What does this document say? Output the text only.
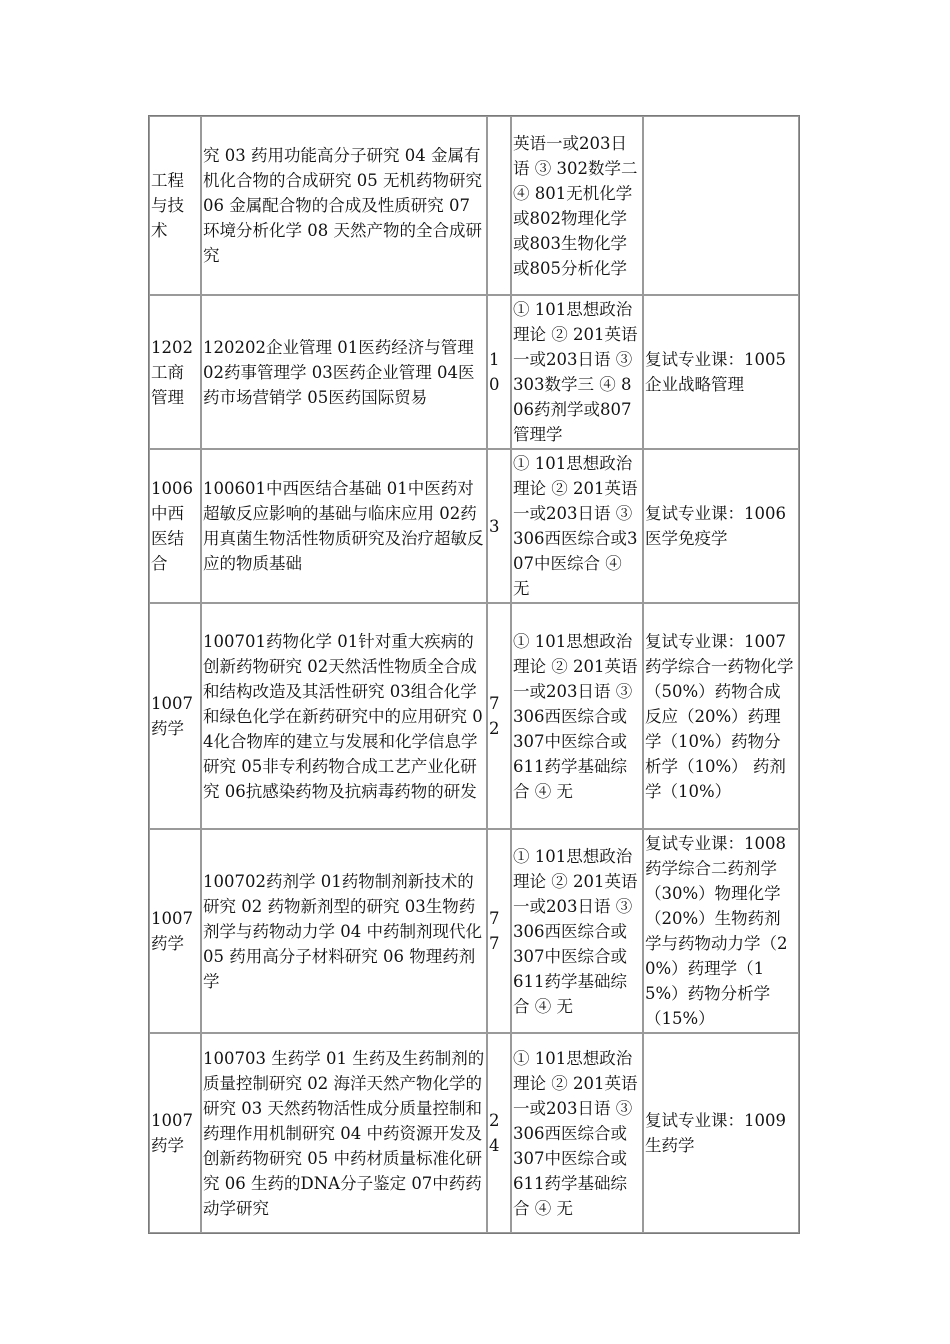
工程与技术	究 03 药用功能高分子研究 04 金属有机化合物的合成研究 05 无机药物研究 06 金属配合物的合成及性质研究 07 环境分析化学 08 天然产物的全合成研究		英语一或203日语 ③ 302数学二 ④ 801无机化学或802物理化学或803生物化学或805分析化学	
1202工商管理	120202企业管理 01医药经济与管理 02药事管理学 03医药企业管理 04医药市场营销学 05医药国际贸易	10	① 101思想政治理论 ② 201英语一或203日语 ③ 303数学三 ④ 806药剂学或807管理学	复试专业课：1005企业战略管理
1006中西医结合	100601中西医结合基础 01中医药对超敏反应影响的基础与临床应用 02药用真菌生物活性物质研究及治疗超敏反应的物质基础	3	① 101思想政治理论 ② 201英语一或203日语 ③ 306西医综合或307中医综合 ④ 无	复试专业课：1006医学免疫学
1007药学	100701药物化学 01针对重大疾病的创新药物研究 02天然活性物质全合成和结构改造及其活性研究 03组合化学和绿色化学在新药研究中的应用研究 04化合物库的建立与发展和化学信息学研究 05非专利药物合成工艺产业化研究 06抗感染药物及抗病毒药物的研发	72	① 101思想政治理论 ② 201英语一或203日语 ③ 306西医综合或 307中医综合或 611药学基础综合 ④ 无	复试专业课：1007药学综合一药物化学（50%）药物合成反应（20%）药理学（10%）药物分析学（10%） 药剂学（10%）
1007药学	100702药剂学 01药物制剂新技术的研究 02 药物新剂型的研究 03生物药剂学与药物动力学 04 中药制剂现代化 05 药用高分子材料研究 06 物理药剂学	77	① 101思想政治理论 ② 201英语一或203日语 ③ 306西医综合或 307中医综合或 611药学基础综合 ④ 无	复试专业课：1008药学综合二药剂学（30%）物理化学（20%）生物药剂学与药物动力学（20%）药理学（15%）药物分析学（15%）
1007药学	100703 生药学 01 生药及生药制剂的质量控制研究 02 海洋天然产物化学的研究 03 天然药物活性成分质量控制和药理作用机制研究 04 中药资源开发及创新药物研究 05 中药材质量标准化研究 06 生药的DNA分子鉴定 07中药药动学研究	24	① 101思想政治理论 ② 201英语一或203日语 ③ 306西医综合或 307中医综合或 611药学基础综合 ④ 无	复试专业课：1009生药学
